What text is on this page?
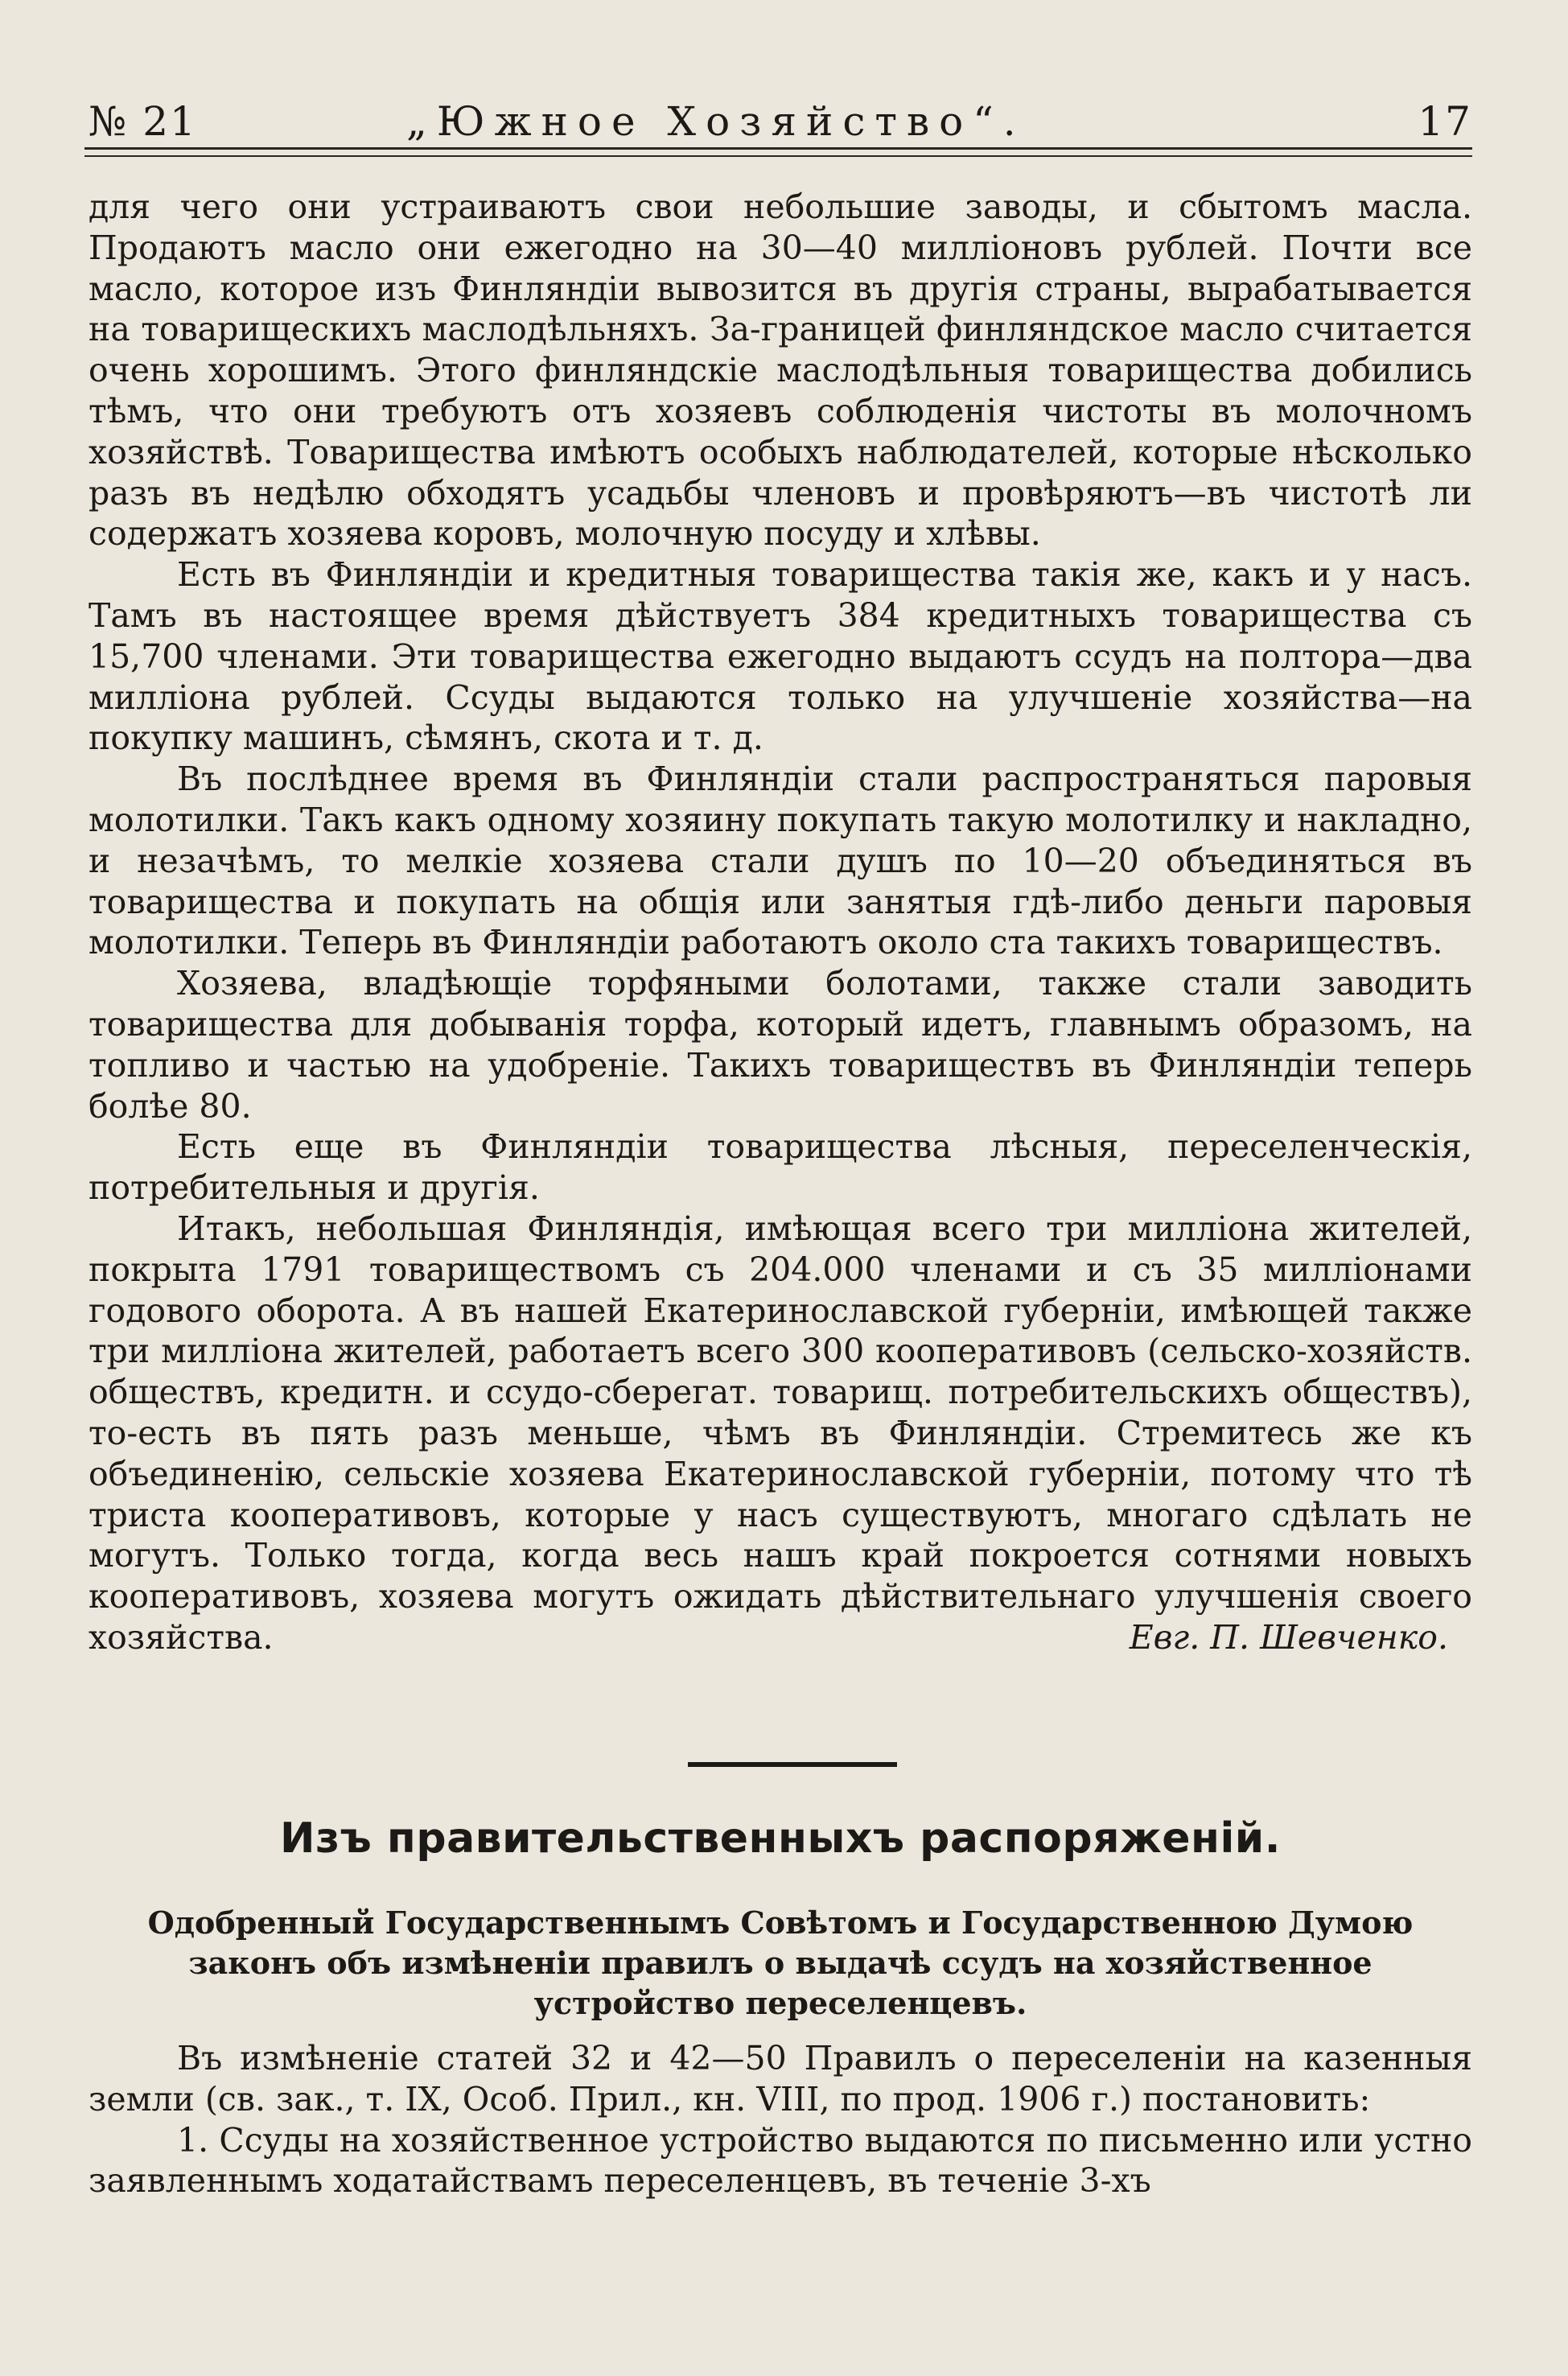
№ 21	„Южное Хозяйство“.	17

для чего они устраиваютъ свои небольшие заводы, и сбытомъ масла. Продаютъ масло они ежегодно на 30—40 миллiоновъ рублей. Почти все масло, которое изъ Финляндiи вывозится въ другiя страны, вырабатывается на товарищескихъ маслодѣльняхъ. За-границей финляндское масло считается очень хорошимъ. Этого финляндскiе маслодѣльныя товарищества добились тѣмъ, что они требуютъ отъ хозяевъ соблюденiя чистоты въ молочномъ хозяйствѣ. Товарищества имѣютъ особыхъ наблюдателей, которые нѣсколько разъ въ недѣлю обходятъ усадьбы членовъ и провѣряютъ—въ чистотѣ ли содержатъ хозяева коровъ, молочную посуду и хлѣвы.

Есть въ Финляндiи и кредитныя товарищества такiя же, какъ и у насъ. Тамъ въ настоящее время дѣйствуетъ 384 кредитныхъ товарищества съ 15,700 членами. Эти товарищества ежегодно выдаютъ ссудъ на полтора—два миллiона рублей. Ссуды выдаются только на улучшенiе хозяйства—на покупку машинъ, сѣмянъ, скота и т. д.

Въ послѣднее время въ Финляндiи стали распространяться паровыя молотилки. Такъ какъ одному хозяину покупать такую молотилку и накладно, и незачѣмъ, то мелкiе хозяева стали душъ по 10—20 объединяться въ товарищества и покупать на общiя или занятыя гдѣ-либо деньги паровыя молотилки. Теперь въ Финляндiи работаютъ около ста такихъ товариществъ.

Хозяева, владѣющiе торфяными болотами, также стали заводить товарищества для добыванiя торфа, который идетъ, главнымъ образомъ, на топливо и частью на удобренiе. Такихъ товариществъ въ Финляндiи теперь болѣе 80.

Есть еще въ Финляндiи товарищества лѣсныя, переселенческiя, потребительныя и другiя.

Итакъ, небольшая Финляндiя, имѣющая всего три миллiона жителей, покрыта 1791 товариществомъ съ 204.000 членами и съ 35 миллiонами годового оборота. А въ нашей Екатеринославской губернiи, имѣющей также три миллiона жителей, работаетъ всего 300 кооперативовъ (сельско-хозяйств. обществъ, кредитн. и ссудо-сберегат. товарищ. потребительскихъ обществъ), то-есть въ пять разъ меньше, чѣмъ въ Финляндiи. Стремитесь же къ объединенiю, сельскiе хозяева Екатеринославской губернiи, потому что тѣ триста кооперативовъ, которые у насъ существуютъ, многаго сдѣлать не могутъ. Только тогда, когда весь нашъ край покроется сотнями новыхъ кооперативовъ, хозяева могутъ ожидать дѣйствительнаго улучшенiя своего хозяйства.	Евг. П. Шевченко.

Изъ правительственныхъ распоряженiй.
Одобренный Государственнымъ Совѣтомъ и Государственною Думою законъ объ измѣненiи правилъ о выдачѣ ссудъ на хозяйственное устройство переселенцевъ.

Въ измѣненiе статей 32 и 42—50 Правилъ о переселенiи на казенныя земли (св. зак., т. IX, Особ. Прил., кн. VIII, по прод. 1906 г.) постановить:

1. Ссуды на хозяйственное устройство выдаются по письменно или устно заявленнымъ ходатайствамъ переселенцевъ, въ теченiе 3-хъ
